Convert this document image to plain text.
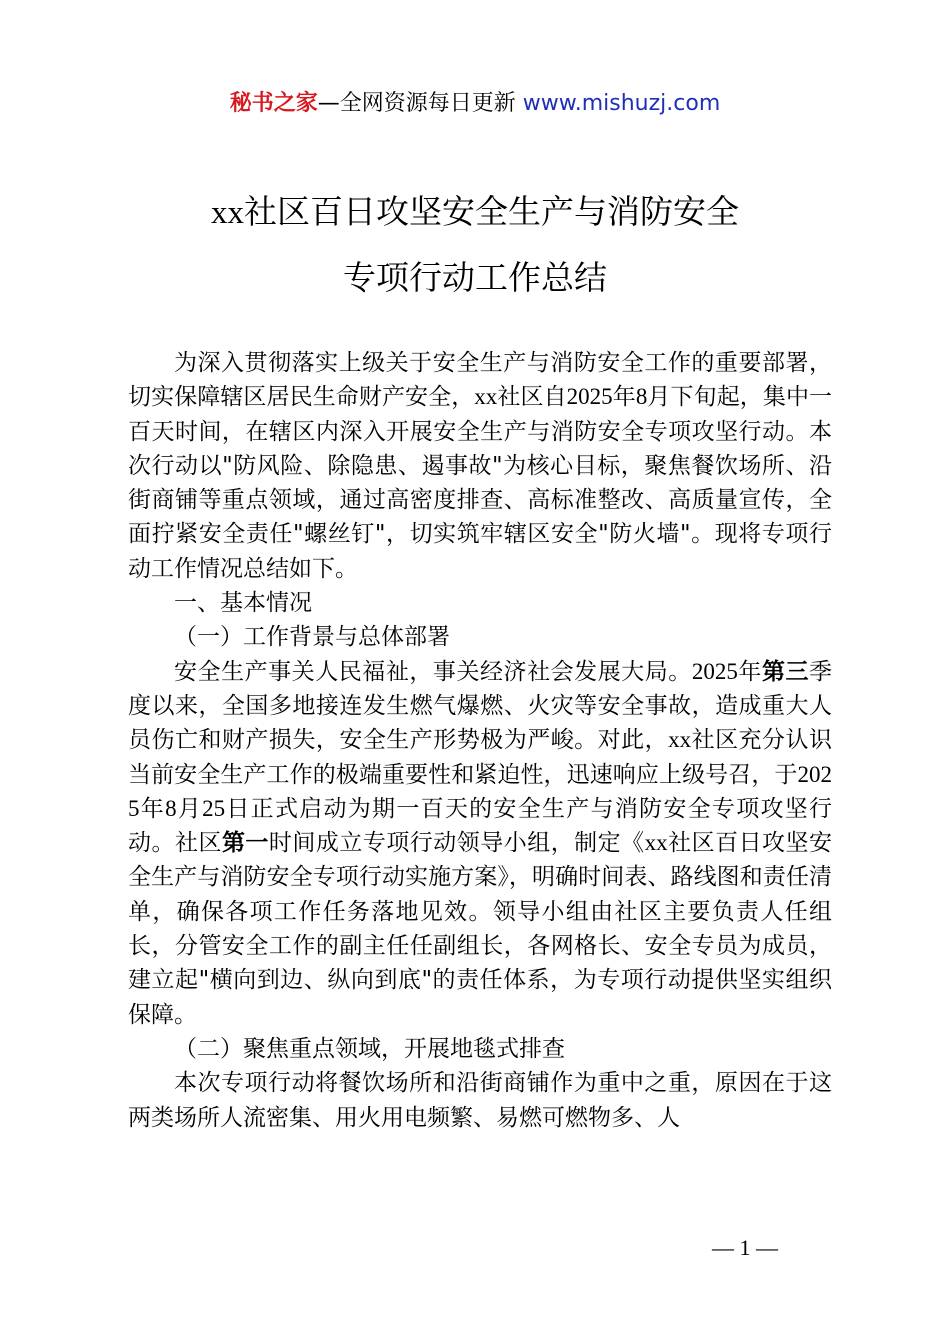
秘书之家—全网资源每日更新 www.mishuzj.com
xx社区百日攻坚安全生产与消防安全
专项行动工作总结

为深入贯彻落实上级关于安全生产与消防安全工作的重要部署，切实保障辖区居民生命财产安全，xx社区自2025年8月下旬起，集中一百天时间，在辖区内深入开展安全生产与消防安全专项攻坚行动。本次行动以"防风险、除隐患、遏事故"为核心目标，聚焦餐饮场所、沿街商铺等重点领域，通过高密度排查、高标准整改、高质量宣传，全面拧紧安全责任"螺丝钉"，切实筑牢辖区安全"防火墙"。现将专项行动工作情况总结如下。

一、基本情况

（一）工作背景与总体部署

安全生产事关人民福祉，事关经济社会发展大局。2025年第三季度以来，全国多地接连发生燃气爆燃、火灾等安全事故，造成重大人员伤亡和财产损失，安全生产形势极为严峻。对此，xx社区充分认识当前安全生产工作的极端重要性和紧迫性，迅速响应上级号召，于2025年8月25日正式启动为期一百天的安全生产与消防安全专项攻坚行动。社区第一时间成立专项行动领导小组，制定《xx社区百日攻坚安全生产与消防安全专项行动实施方案》，明确时间表、路线图和责任清单，确保各项工作任务落地见效。领导小组由社区主要负责人任组长，分管安全工作的副主任任副组长，各网格长、安全专员为成员，建立起"横向到边、纵向到底"的责任体系，为专项行动提供坚实组织保障。

（二）聚焦重点领域，开展地毯式排查

本次专项行动将餐饮场所和沿街商铺作为重中之重，原因在于这两类场所人流密集、用火用电频繁、易燃可燃物多、人

— 1 —
